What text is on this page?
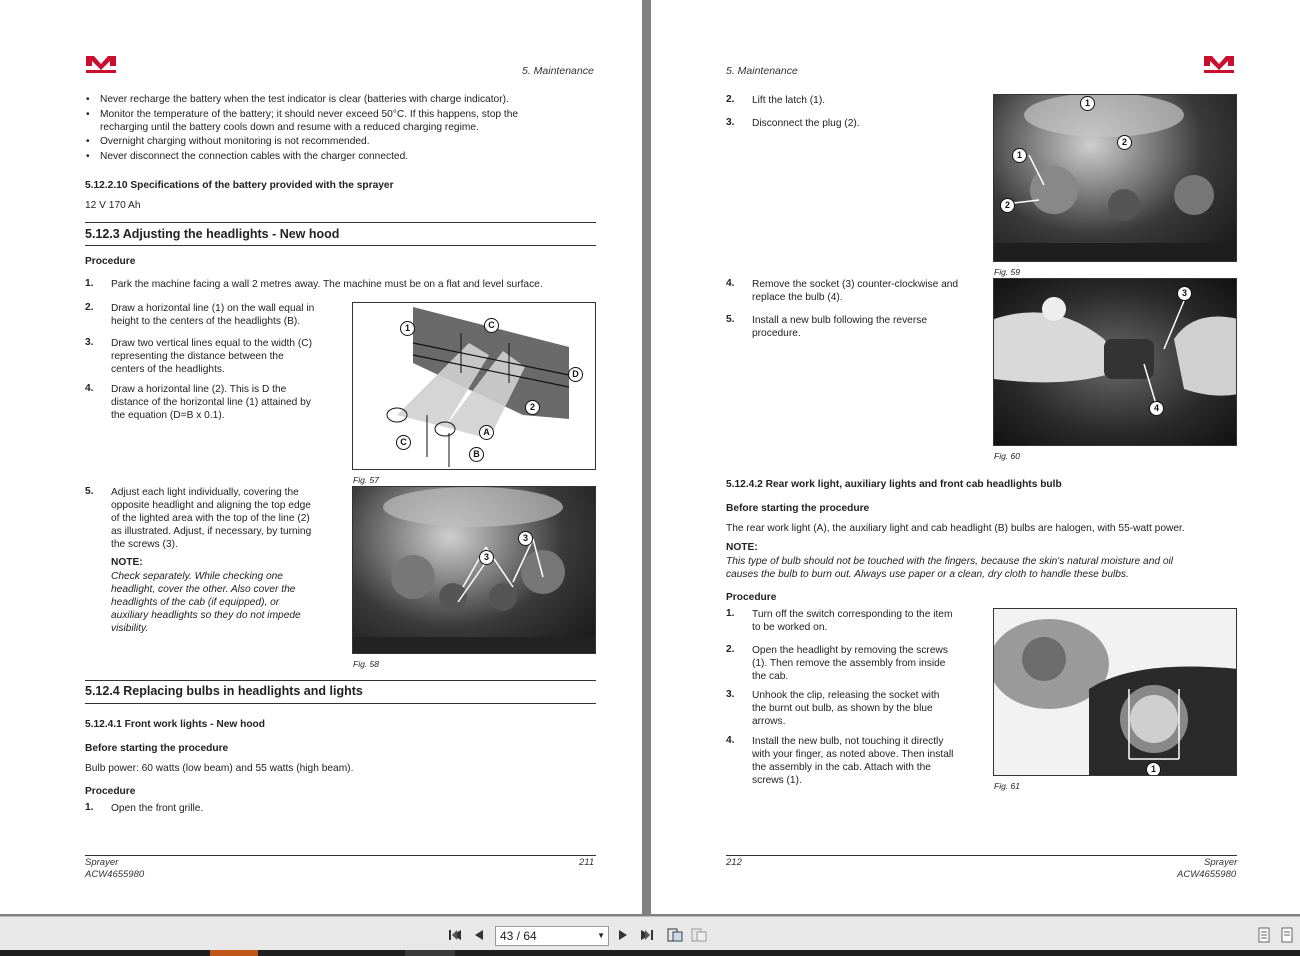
5. Maintenance
• Never recharge the battery when the test indicator is clear (batteries with charge indicator).
• Monitor the temperature of the battery; it should never exceed 50°C. If this happens, stop the
recharging until the battery cools down and resume with a reduced charging regime.
• Overnight charging without monitoring is not recommended.
• Never disconnect the connection cables with the charger connected.
5.12.2.10 Specifications of the battery provided with the sprayer
12 V 170 Ah
5.12.3 Adjusting the headlights - New hood
Procedure
1. Park the machine facing a wall 2 metres away. The machine must be on a flat and level surface.
2. Draw a horizontal line (1) on the wall equal in
height to the centers of the headlights (B).
3. Draw two vertical lines equal to the width (C)
representing the distance between the
centers of the headlights.
4. Draw a horizontal line (2). This is D the
distance of the horizontal line (1) attained by
the equation (D=B x 0.1).
1	C
D
2
A
C
B
Fig. 57
5. Adjust each light individually, covering the
opposite headlight and aligning the top edge
of the lighted area with the top of the line (2)
as illustrated. Adjust, if necessary, by turning
the screws (3).
NOTE:
Check separately. While checking one
headlight, cover the other. Also cover the
headlights of the cab (if equipped), or
auxiliary headlights so they do not impede
visibility.
3
3
Fig. 58
5.12.4 Replacing bulbs in headlights and lights
5.12.4.1 Front work lights - New hood
Before starting the procedure
Bulb power: 60 watts (low beam) and 55 watts (high beam).
Procedure
1. Open the front grille.
Sprayer
ACW4655980
211
5. Maintenance
2. Lift the latch (1).
3. Disconnect the plug (2).
1
2
1
2
Fig. 59
4. Remove the socket (3) counter-clockwise and
replace the bulb (4).
5. Install a new bulb following the reverse
procedure.
3
4
Fig. 60
5.12.4.2 Rear work light, auxiliary lights and front cab headlights bulb
Before starting the procedure
The rear work light (A), the auxiliary light and cab headlight (B) bulbs are halogen, with 55-watt power.
NOTE:
This type of bulb should not be touched with the fingers, because the skin's natural moisture and oil
causes the bulb to burn out. Always use paper or a clean, dry cloth to handle these bulbs.
Procedure
1. Turn off the switch corresponding to the item
to be worked on.
2. Open the headlight by removing the screws
(1). Then remove the assembly from inside
the cab.
3. Unhook the clip, releasing the socket with
the burnt out bulb, as shown by the blue
arrows.
4. Install the new bulb, not touching it directly
with your finger, as noted above. Then install
the assembly in the cab. Attach with the
screws (1).
1
Fig. 61
212	Sprayer
ACW4655980
43 / 64	▼
